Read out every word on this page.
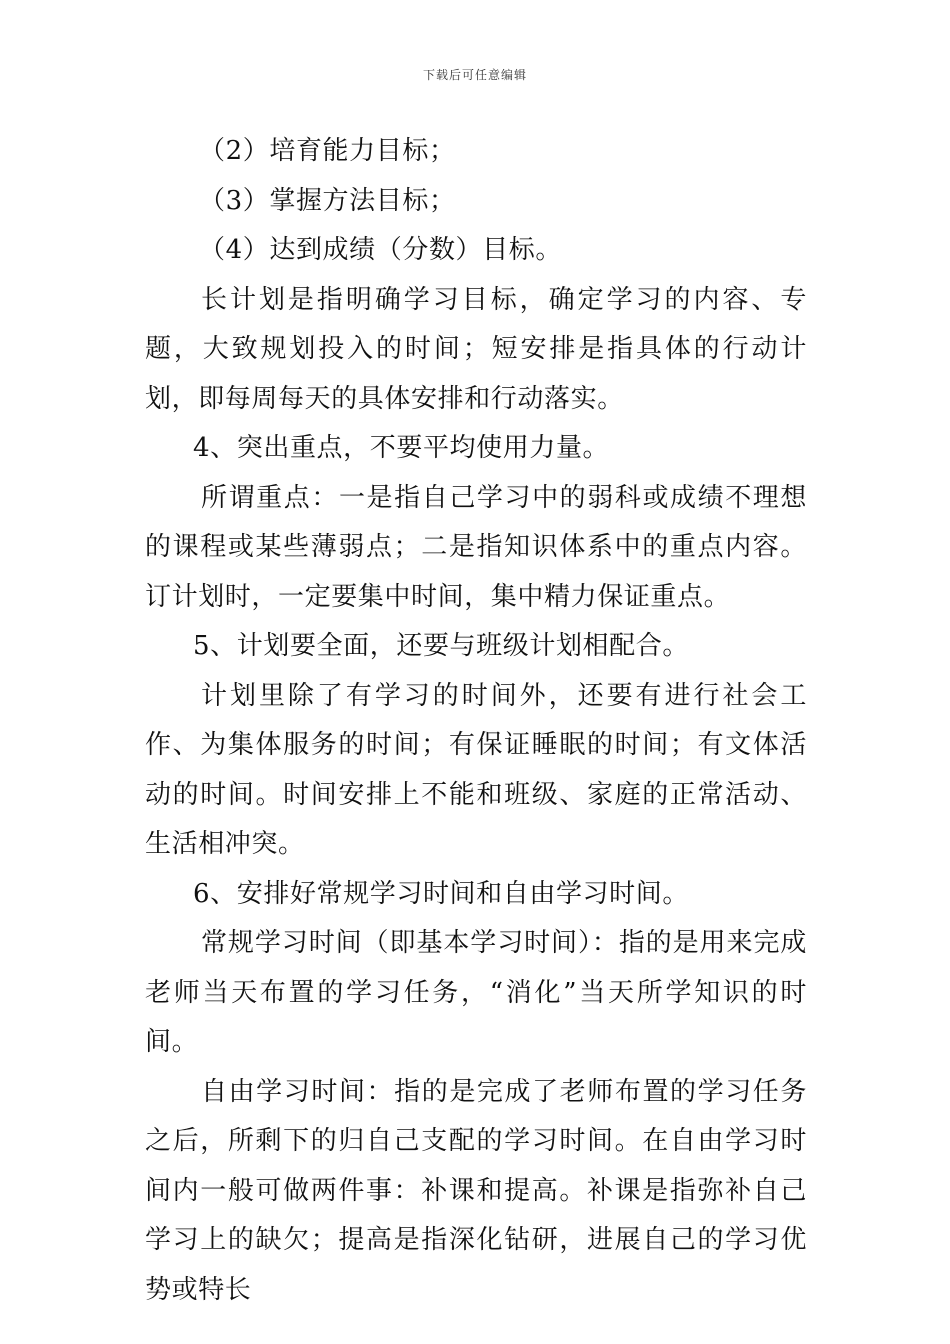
下载后可任意编辑

（2）培育能力目标；

（3）掌握方法目标；

（4）达到成绩（分数）目标。

长计划是指明确学习目标，确定学习的内容、专题，大致规划投入的时间；短安排是指具体的行动计划，即每周每天的具体安排和行动落实。

4、突出重点，不要平均使用力量。

所谓重点：一是指自己学习中的弱科或成绩不理想的课程或某些薄弱点；二是指知识体系中的重点内容。订计划时，一定要集中时间，集中精力保证重点。

5、计划要全面，还要与班级计划相配合。

计划里除了有学习的时间外，还要有进行社会工作、为集体服务的时间；有保证睡眠的时间；有文体活动的时间。时间安排上不能和班级、家庭的正常活动、生活相冲突。

6、安排好常规学习时间和自由学习时间。

常规学习时间（即基本学习时间）：指的是用来完成老师当天布置的学习任务，“消化”当天所学知识的时间。

自由学习时间：指的是完成了老师布置的学习任务之后，所剩下的归自己支配的学习时间。在自由学习时间内一般可做两件事：补课和提高。补课是指弥补自己学习上的缺欠；提高是指深化钻研，进展自己的学习优势或特长
